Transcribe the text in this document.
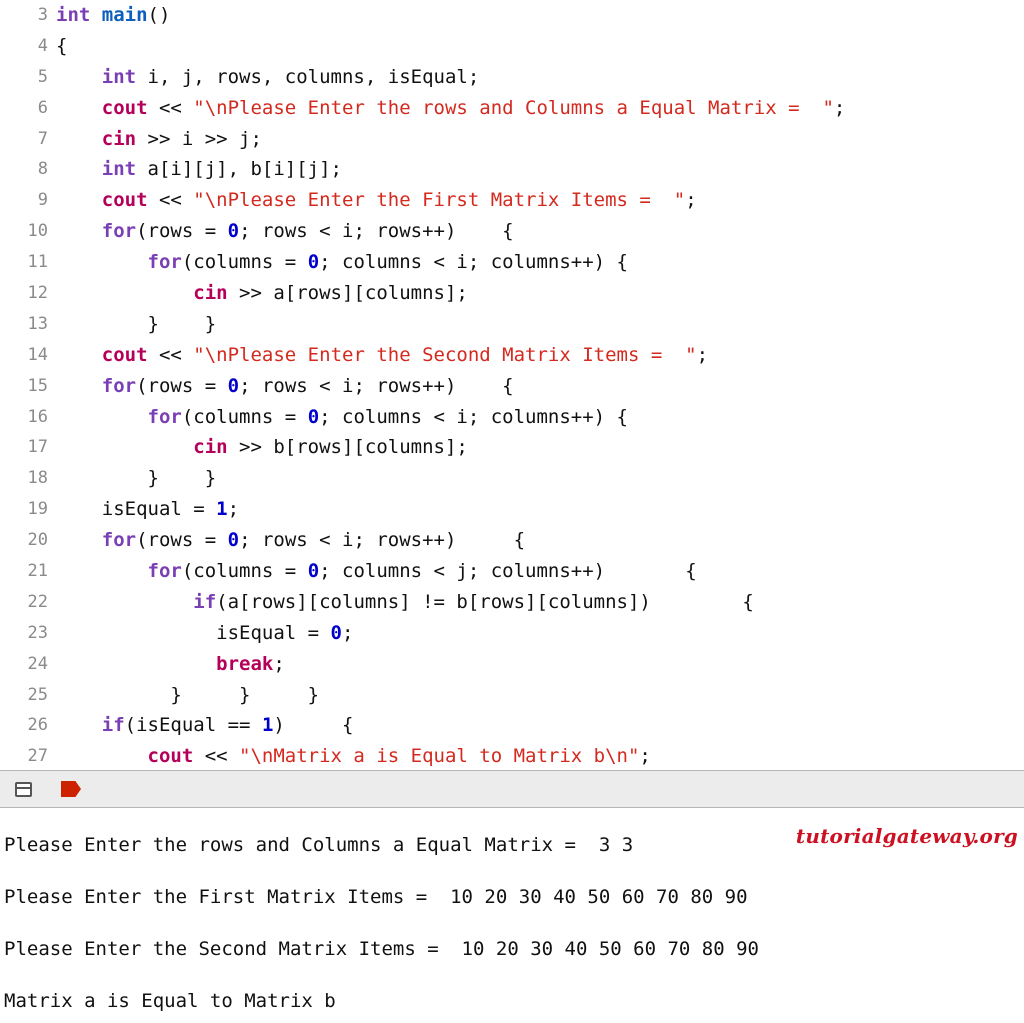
3 int main()
4 {
5	int i, j, rows, columns, isEqual;
6	cout << "\nPlease Enter the rows and Columns a Equal Matrix =  ";
7	cin >> i >> j;
8	int a[i][j], b[i][j];
9	cout << "\nPlease Enter the First Matrix Items =  ";
10	for(rows = 0; rows < i; rows++)    {
11	for(columns = 0; columns < i; columns++) {
12	cin >> a[rows][columns];
13 }    }
14	cout << "\nPlease Enter the Second Matrix Items =  ";
15	for(rows = 0; rows < i; rows++)    {
16	for(columns = 0; columns < i; columns++) {
17	cin >> b[rows][columns];
18 }    }
19 isEqual = 1;
20	for(rows = 0; rows < i; rows++)     {
21	for(columns = 0; columns < j; columns++)       {
22	if(a[rows][columns] != b[rows][columns])        {
23 isEqual = 0;
24	break;
25 }     }     }
26	if(isEqual == 1)     {
27	cout << "\nMatrix a is Equal to Matrix b\n";

tutorialgateway.org
Please Enter the rows and Columns a Equal Matrix =  3 3
Please Enter the First Matrix Items =  10 20 30 40 50 60 70 80 90
Please Enter the Second Matrix Items =  10 20 30 40 50 60 70 80 90
Matrix a is Equal to Matrix b
